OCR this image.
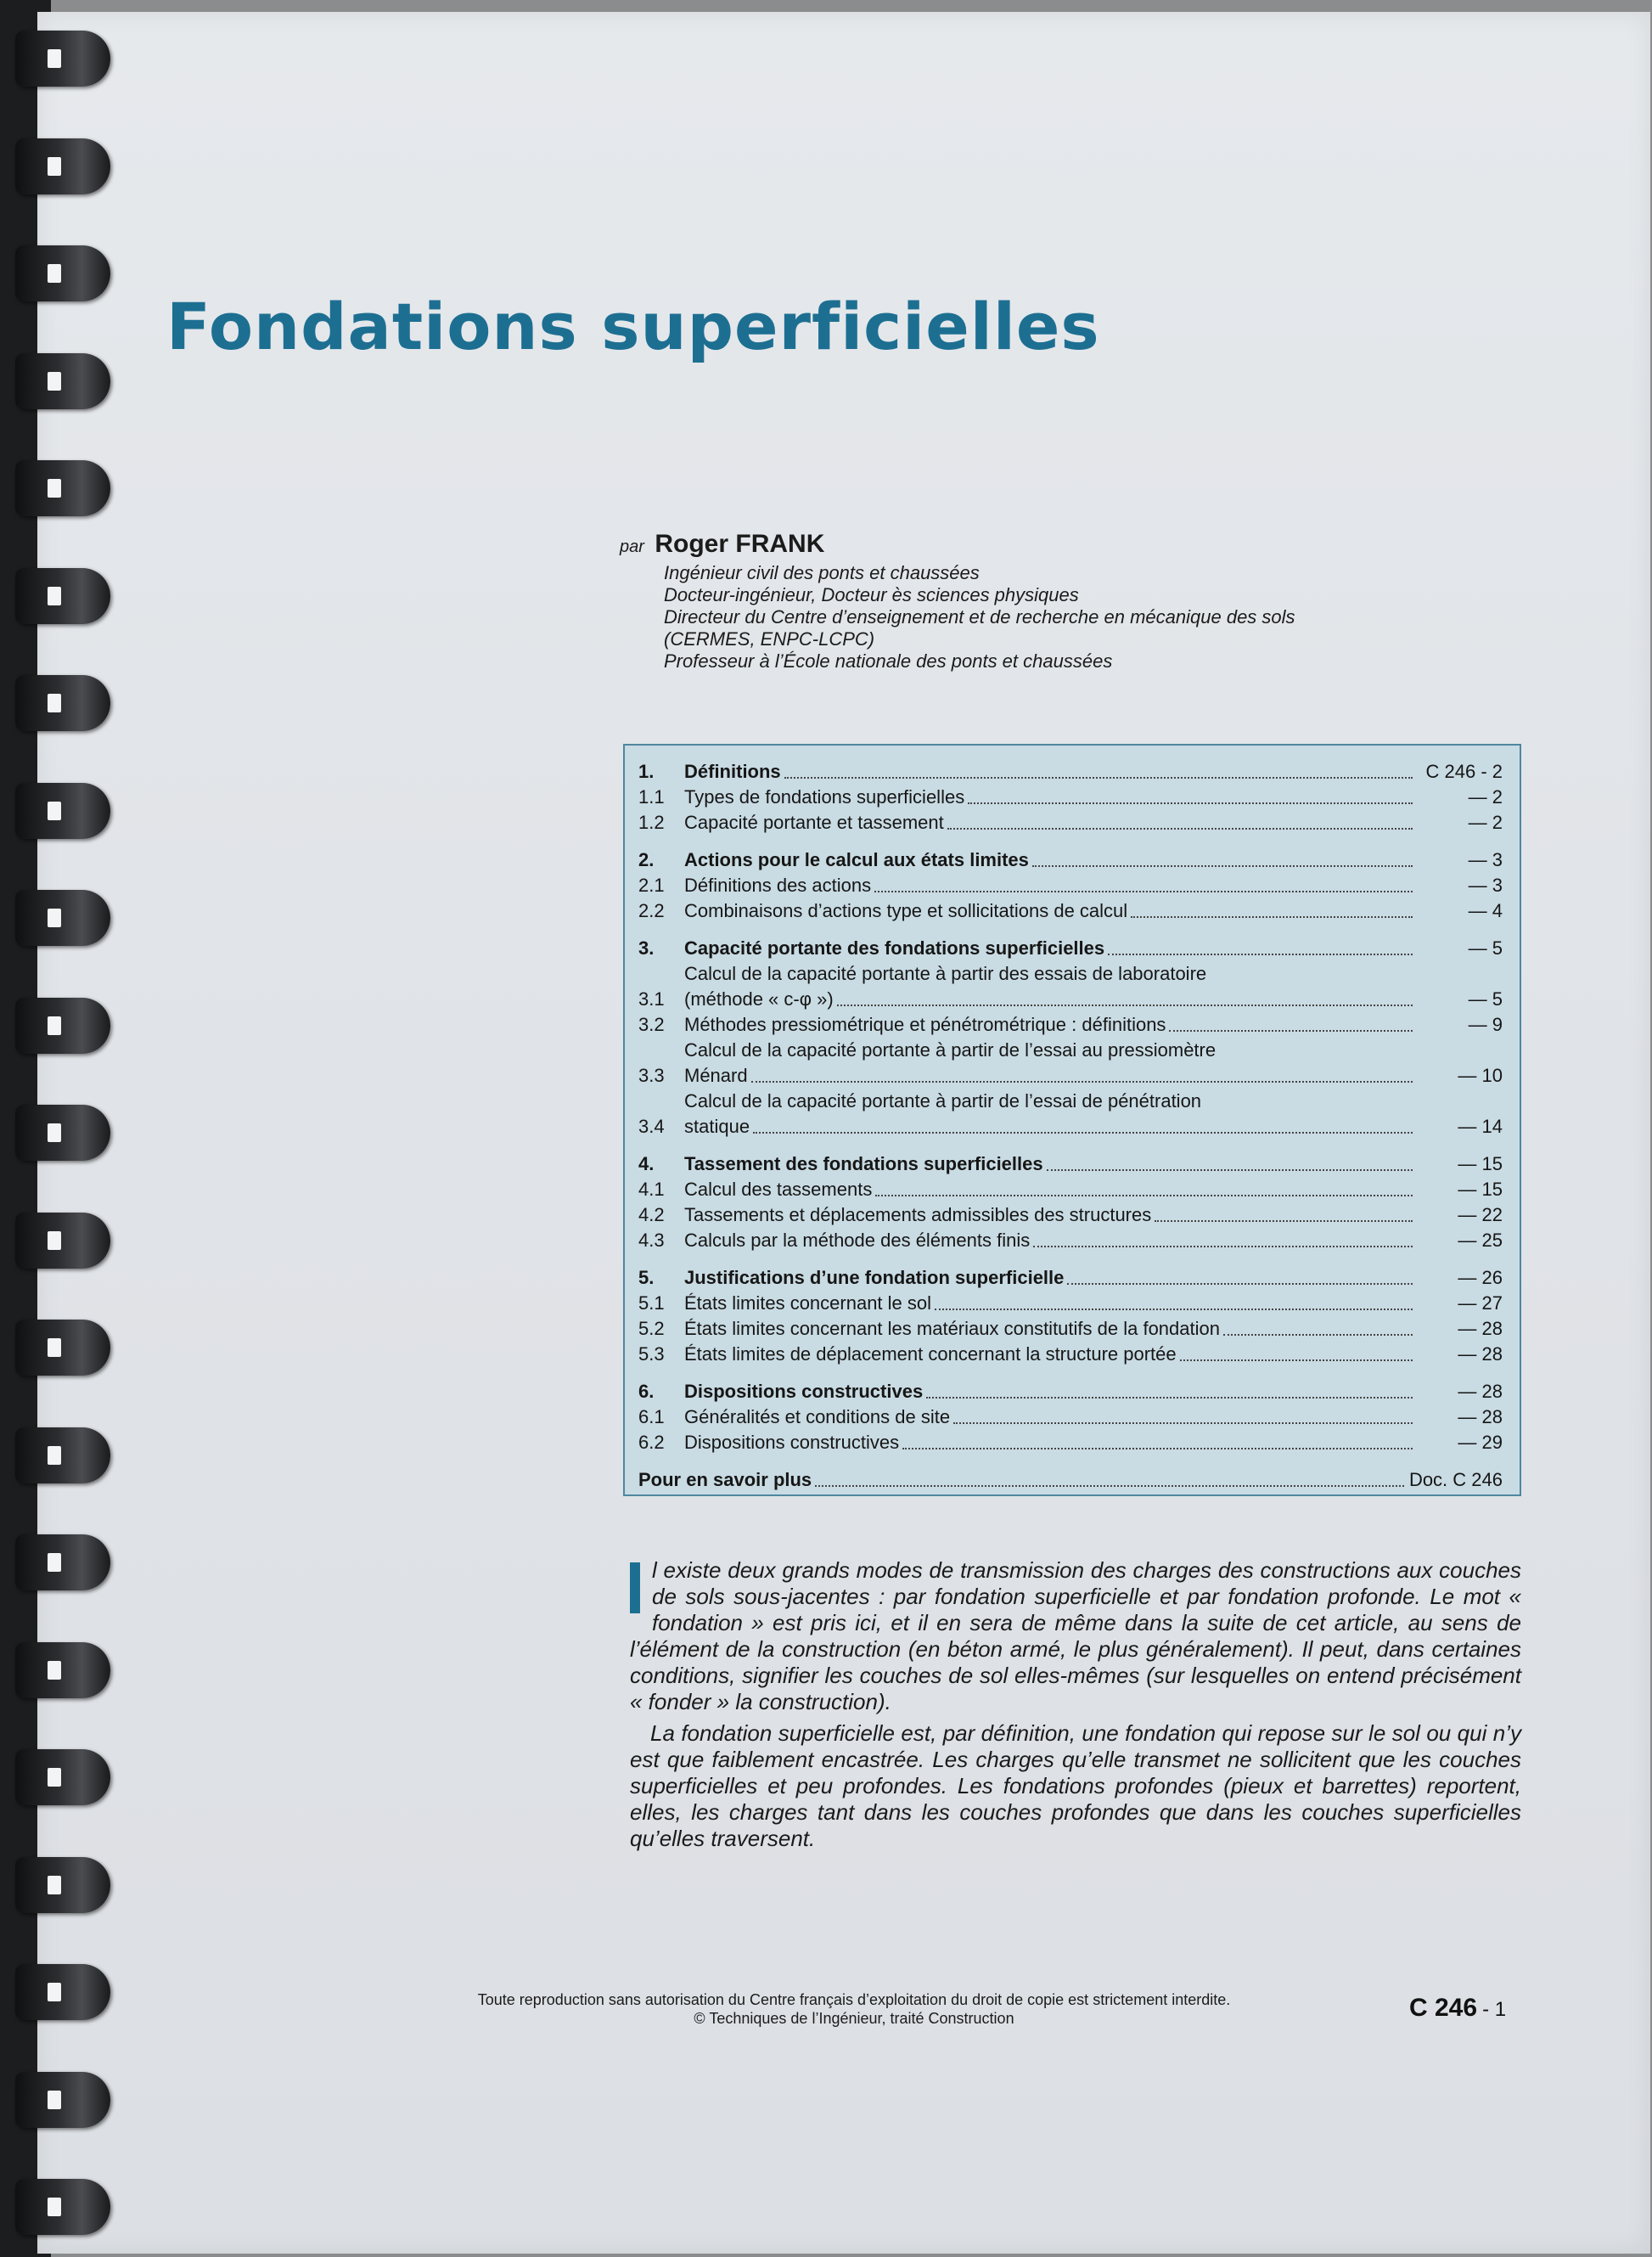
Fondations superficielles
par Roger FRANK
Ingénieur civil des ponts et chaussées
Docteur-ingénieur, Docteur ès sciences physiques
Directeur du Centre d’enseignement et de recherche en mécanique des sols
(CERMES, ENPC-LCPC)
Professeur à l’École nationale des ponts et chaussées
1.	Définitions	C 246 - 2
1.1	Types de fondations superficielles	— 2
1.2	Capacité portante et tassement	— 2
2.	Actions pour le calcul aux états limites	— 3
2.1	Définitions des actions	— 3
2.2	Combinaisons d’actions type et sollicitations de calcul	— 4
3.	Capacité portante des fondations superficielles	— 5
3.1
Calcul de la capacité portante à partir des essais de laboratoire
(méthode « c-φ »)	— 5
3.2	Méthodes pressiométrique et pénétrométrique : définitions	— 9
3.3
Calcul de la capacité portante à partir de l’essai au pressiomètre
Ménard	— 10
3.4
Calcul de la capacité portante à partir de l’essai de pénétration
statique	— 14
4.	Tassement des fondations superficielles	— 15
4.1	Calcul des tassements	— 15
4.2	Tassements et déplacements admissibles des structures	— 22
4.3	Calculs par la méthode des éléments finis	— 25
5.	Justifications d’une fondation superficielle	— 26
5.1	États limites concernant le sol	— 27
5.2	États limites concernant les matériaux constitutifs de la fondation	— 28
5.3	États limites de déplacement concernant la structure portée	— 28
6.	Dispositions constructives	— 28
6.1	Généralités et conditions de site	— 28
6.2	Dispositions constructives	— 29
Pour en savoir plus	Doc. C 246

l existe deux grands modes de transmission des charges des constructions aux couches de sols sous-jacentes : par fondation superficielle et par fondation profonde. Le mot « fondation » est pris ici, et il en sera de même dans la suite de cet article, au sens de l’élément de la construction (en béton armé, le plus généralement). Il peut, dans certaines conditions, signifier les couches de sol elles-mêmes (sur lesquelles on entend précisément « fonder » la construction).

La fondation superficielle est, par définition, une fondation qui repose sur le sol ou qui n’y est que faiblement encastrée. Les charges qu’elle transmet ne sollicitent que les couches superficielles et peu profondes. Les fondations profondes (pieux et barrettes) reportent, elles, les charges tant dans les couches profondes que dans les couches superficielles qu’elles traversent.

Toute reproduction sans autorisation du Centre français d’exploitation du droit de copie est strictement interdite.
© Techniques de l’Ingénieur, traité Construction	C 246 - 1
